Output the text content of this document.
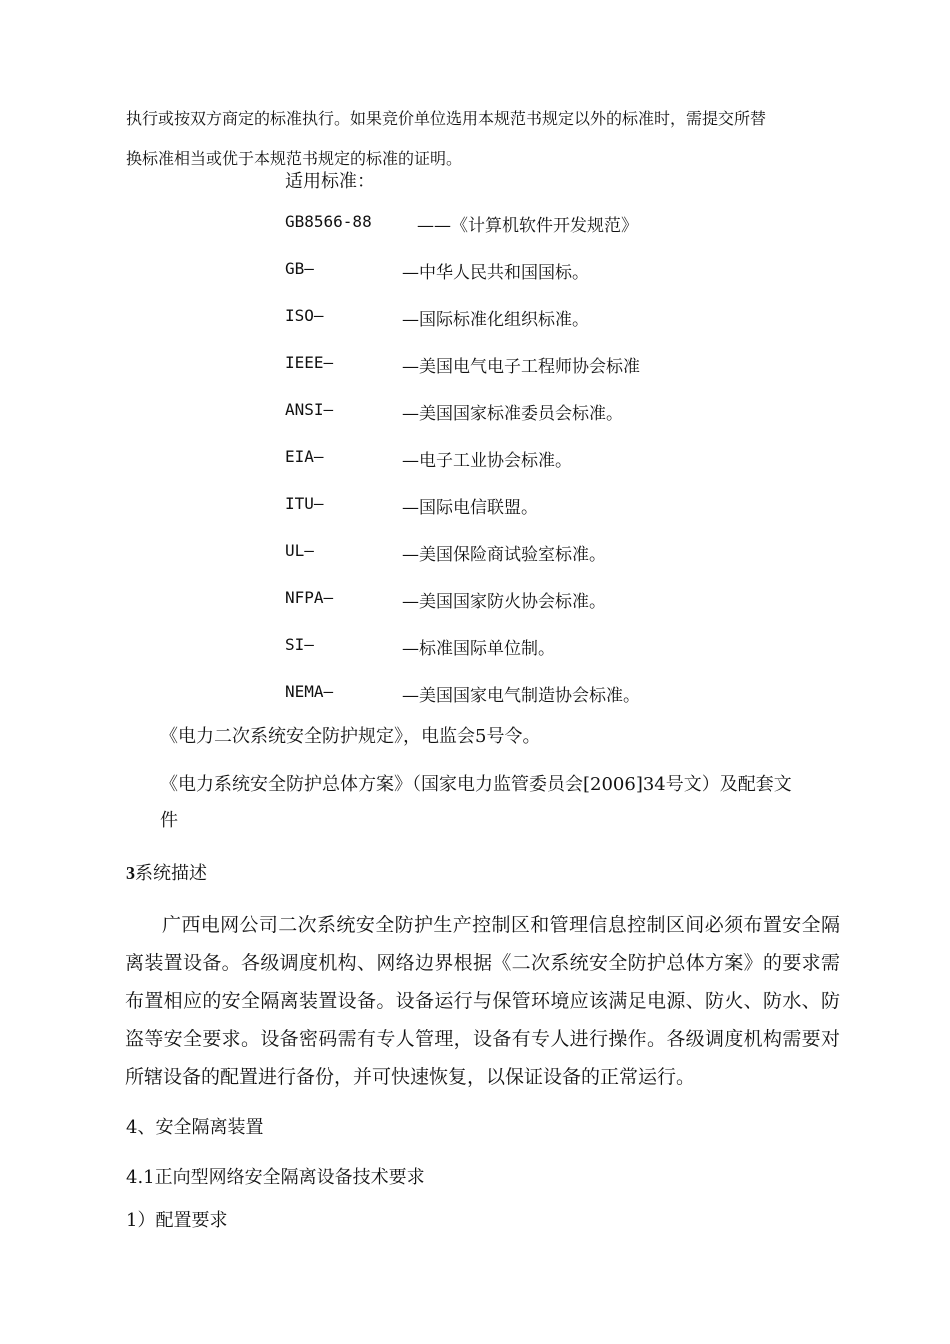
执行或按双方商定的标准执行。如果竞价单位选用本规范书规定以外的标准时，需提交所替
换标准相当或优于本规范书规定的标准的证明。
适用标准：
GB8566-88	——《计算机软件开发规范》
GB—	—中华人民共和国国标。
ISO—	—国际标准化组织标准。
IEEE—	—美国电气电子工程师协会标准
ANSI—	—美国国家标准委员会标准。
EIA—	—电子工业协会标准。
ITU—	—国际电信联盟。
UL—	—美国保险商试验室标准。
NFPA—	—美国国家防火协会标准。
SI—	—标准国际单位制。
NEMA—	—美国国家电气制造协会标准。
《电力二次系统安全防护规定》，电监会5号令。
《电力系统安全防护总体方案》（国家电力监管委员会[2006]34号文）及配套文
件
3系统描述
广西电网公司二次系统安全防护生产控制区和管理信息控制区间必须布置安全隔离装置设备。各级调度机构、网络边界根据《二次系统安全防护总体方案》的要求需布置相应的安全隔离装置设备。设备运行与保管环境应该满足电源、防火、防水、防盗等安全要求。设备密码需有专人管理，设备有专人进行操作。各级调度机构需要对所辖设备的配置进行备份，并可快速恢复，以保证设备的正常运行。
4、安全隔离装置
4.1正向型网络安全隔离设备技术要求
1）配置要求
